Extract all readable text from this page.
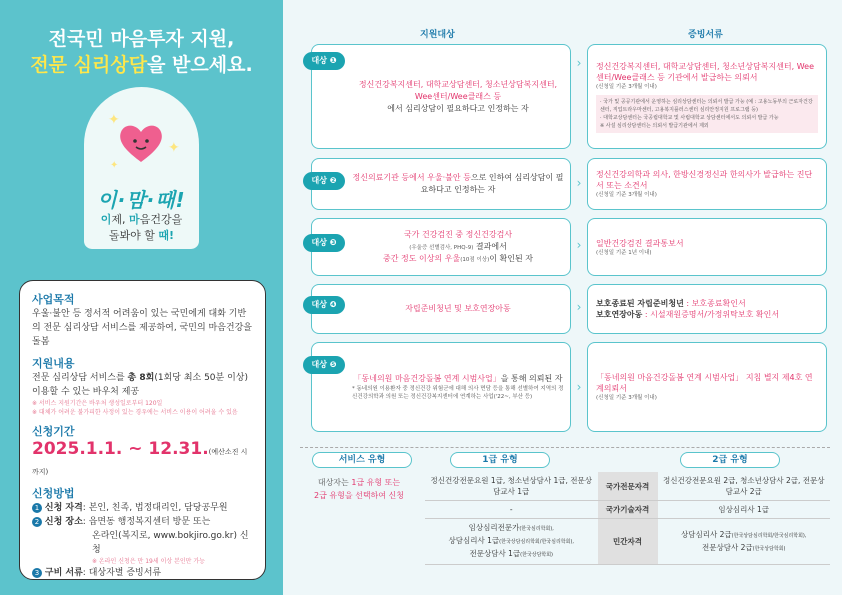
전국민 마음투자 지원,
전문 심리상담을 받으세요.
✦
✦
✦
이·맘·때!
이제, 마음건강을
돌봐야 할 때!
사업목적
우울·불안 등 정서적 어려움이 있는 국민에게 대화 기반의 전문 심리상담 서비스를 제공하여, 국민의 마음건강을 돌봄
지원내용
전문 심리상담 서비스를 총 8회(1회당 최소 50분 이상) 이용할 수 있는 바우처 제공
※ 서비스 지원기간은 바우처 생성일로부터 120일
※ 대체가 어려운 불가피한 사정이 있는 경우에는 서비스 이용이 어려울 수 있음
신청기간
2025.1.1. ~ 12.31.(예산소진 시까지)
신청방법
1 신청 자격: 본인, 친족, 법정대리인, 담당공무원
2 신청 장소: 읍면동 행정복지센터 방문 또는
온라인(복지로, www.bokjiro.go.kr) 신청
※ 온라인 신청은 만 19세 이상 본인만 가능
3 구비 서류: 대상자별 증빙서류
지원대상	증빙서류
정신건강복지센터, 대학교상담센터, 청소년상담복지센터, Wee센터/Wee클래스 등
에서 심리상담이 필요하다고 인정하는 자
대상 ❶	›	정신건강복지센터, 대학교상담센터, 청소년상담복지센터, Wee센터/Wee클래스 등 기관에서 발급하는 의뢰서
(신청일 기준 3개월 이내)
· 국가 및 공공기관에서 운영하는 심리상담센터는 의뢰서 발급 가능 (예 : 고용노동부의 근로자건강센터, 직업트라우마센터, 고용복지플러스센터 심리안정지원 프로그램 등)
· 대학교상담센터는 국공립대학교 및 사립대학교 상담센터에서도 의뢰서 발급 가능
※ 사설 심리상담센터는 의뢰서 발급기관에서 제외
정신의료기관 등에서 우울·불안 등으로 인하여 심리상담이 필요하다고 인정하는 자
대상 ❷	›
정신건강의학과 의사, 한방신경정신과 한의사가 발급하는 진단서 또는 소견서
(신청일 기준 3개월 이내)
국가 건강검진 중 정신건강검사
(우울증 선별검사, PHQ-9) 결과에서
중간 정도 이상의 우울(10점 이상)이 확인된 자
대상 ❸	›	일반건강검진 결과통보서
(신청일 기준 1년 이내)
자립준비청년 및 보호연장아동
대상 ❹	›	보호종료된 자립준비청년 : 보호종료확인서
보호연장아동 : 시설재원증명서/가정위탁보호 확인서
「동네의원 마음건강돌봄 연계 시범사업」을 통해 의뢰된 자
* 동네의원 이용환자 중 정신건강 위험군에 대해 의사 면담 등을 통해 선별하여 지역의 정신건강의학과 의원 또는 정신건강복지센터에 연계하는 사업('22~, 부산 등)
대상 ❺
›
「동네의원 마음건강돌봄 연계 시범사업」 지침 별지 제4호 연계의뢰서
(신청일 기준 3개월 이내)
서비스 유형	1급 유형	2급 유형
대상자는 1급 유형 또는
2급 유형을 선택하여 신청
정신건강전문요원 1급, 청소년상담사 1급, 전문상담교사 1급	국가전문자격	정신건강전문요원 2급, 청소년상담사 2급, 전문상담교사 2급
-	국가기술자격	임상심리사 1급
임상심리전문가(한국심리학회),
상담심리사 1급(한국상담심리학회/한국심리학회),
전문상담사 1급(한국상담학회)	민간자격	상담심리사 2급(한국상담심리학회/한국심리학회),
전문상담사 2급(한국상담학회)
